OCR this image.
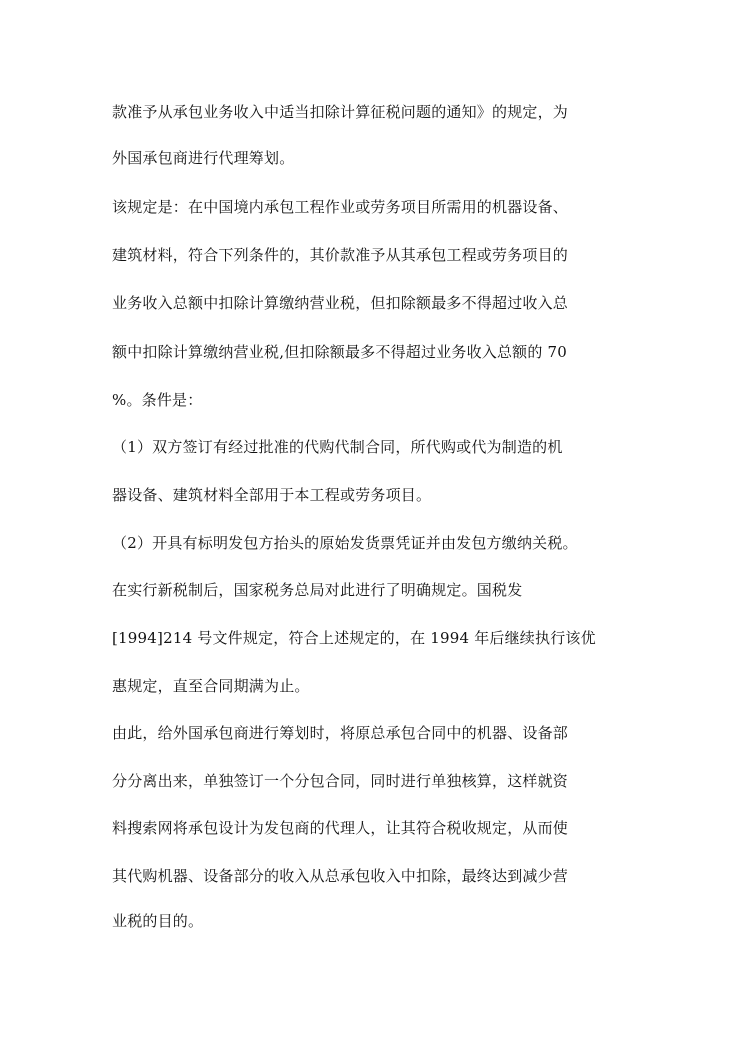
款准予从承包业务收入中适当扣除计算征税问题的通知》的规定，为

外国承包商进行代理筹划。

该规定是：在中国境内承包工程作业或劳务项目所需用的机器设备、

建筑材料，符合下列条件的，其价款准予从其承包工程或劳务项目的

业务收入总额中扣除计算缴纳营业税，但扣除额最多不得超过收入总

额中扣除计算缴纳营业税,但扣除额最多不得超过业务收入总额的 70

%。条件是：

（1）双方签订有经过批准的代购代制合同，所代购或代为制造的机

器设备、建筑材料全部用于本工程或劳务项目。

（2）开具有标明发包方抬头的原始发货票凭证并由发包方缴纳关税。

在实行新税制后，国家税务总局对此进行了明确规定。国税发

[1994]214 号文件规定，符合上述规定的，在 1994 年后继续执行该优

惠规定，直至合同期满为止。

由此，给外国承包商进行筹划时，将原总承包合同中的机器、设备部

分分离出来，单独签订一个分包合同，同时进行单独核算，这样就资

料搜索网将承包设计为发包商的代理人，让其符合税收规定，从而使

其代购机器、设备部分的收入从总承包收入中扣除，最终达到减少营

业税的目的。
